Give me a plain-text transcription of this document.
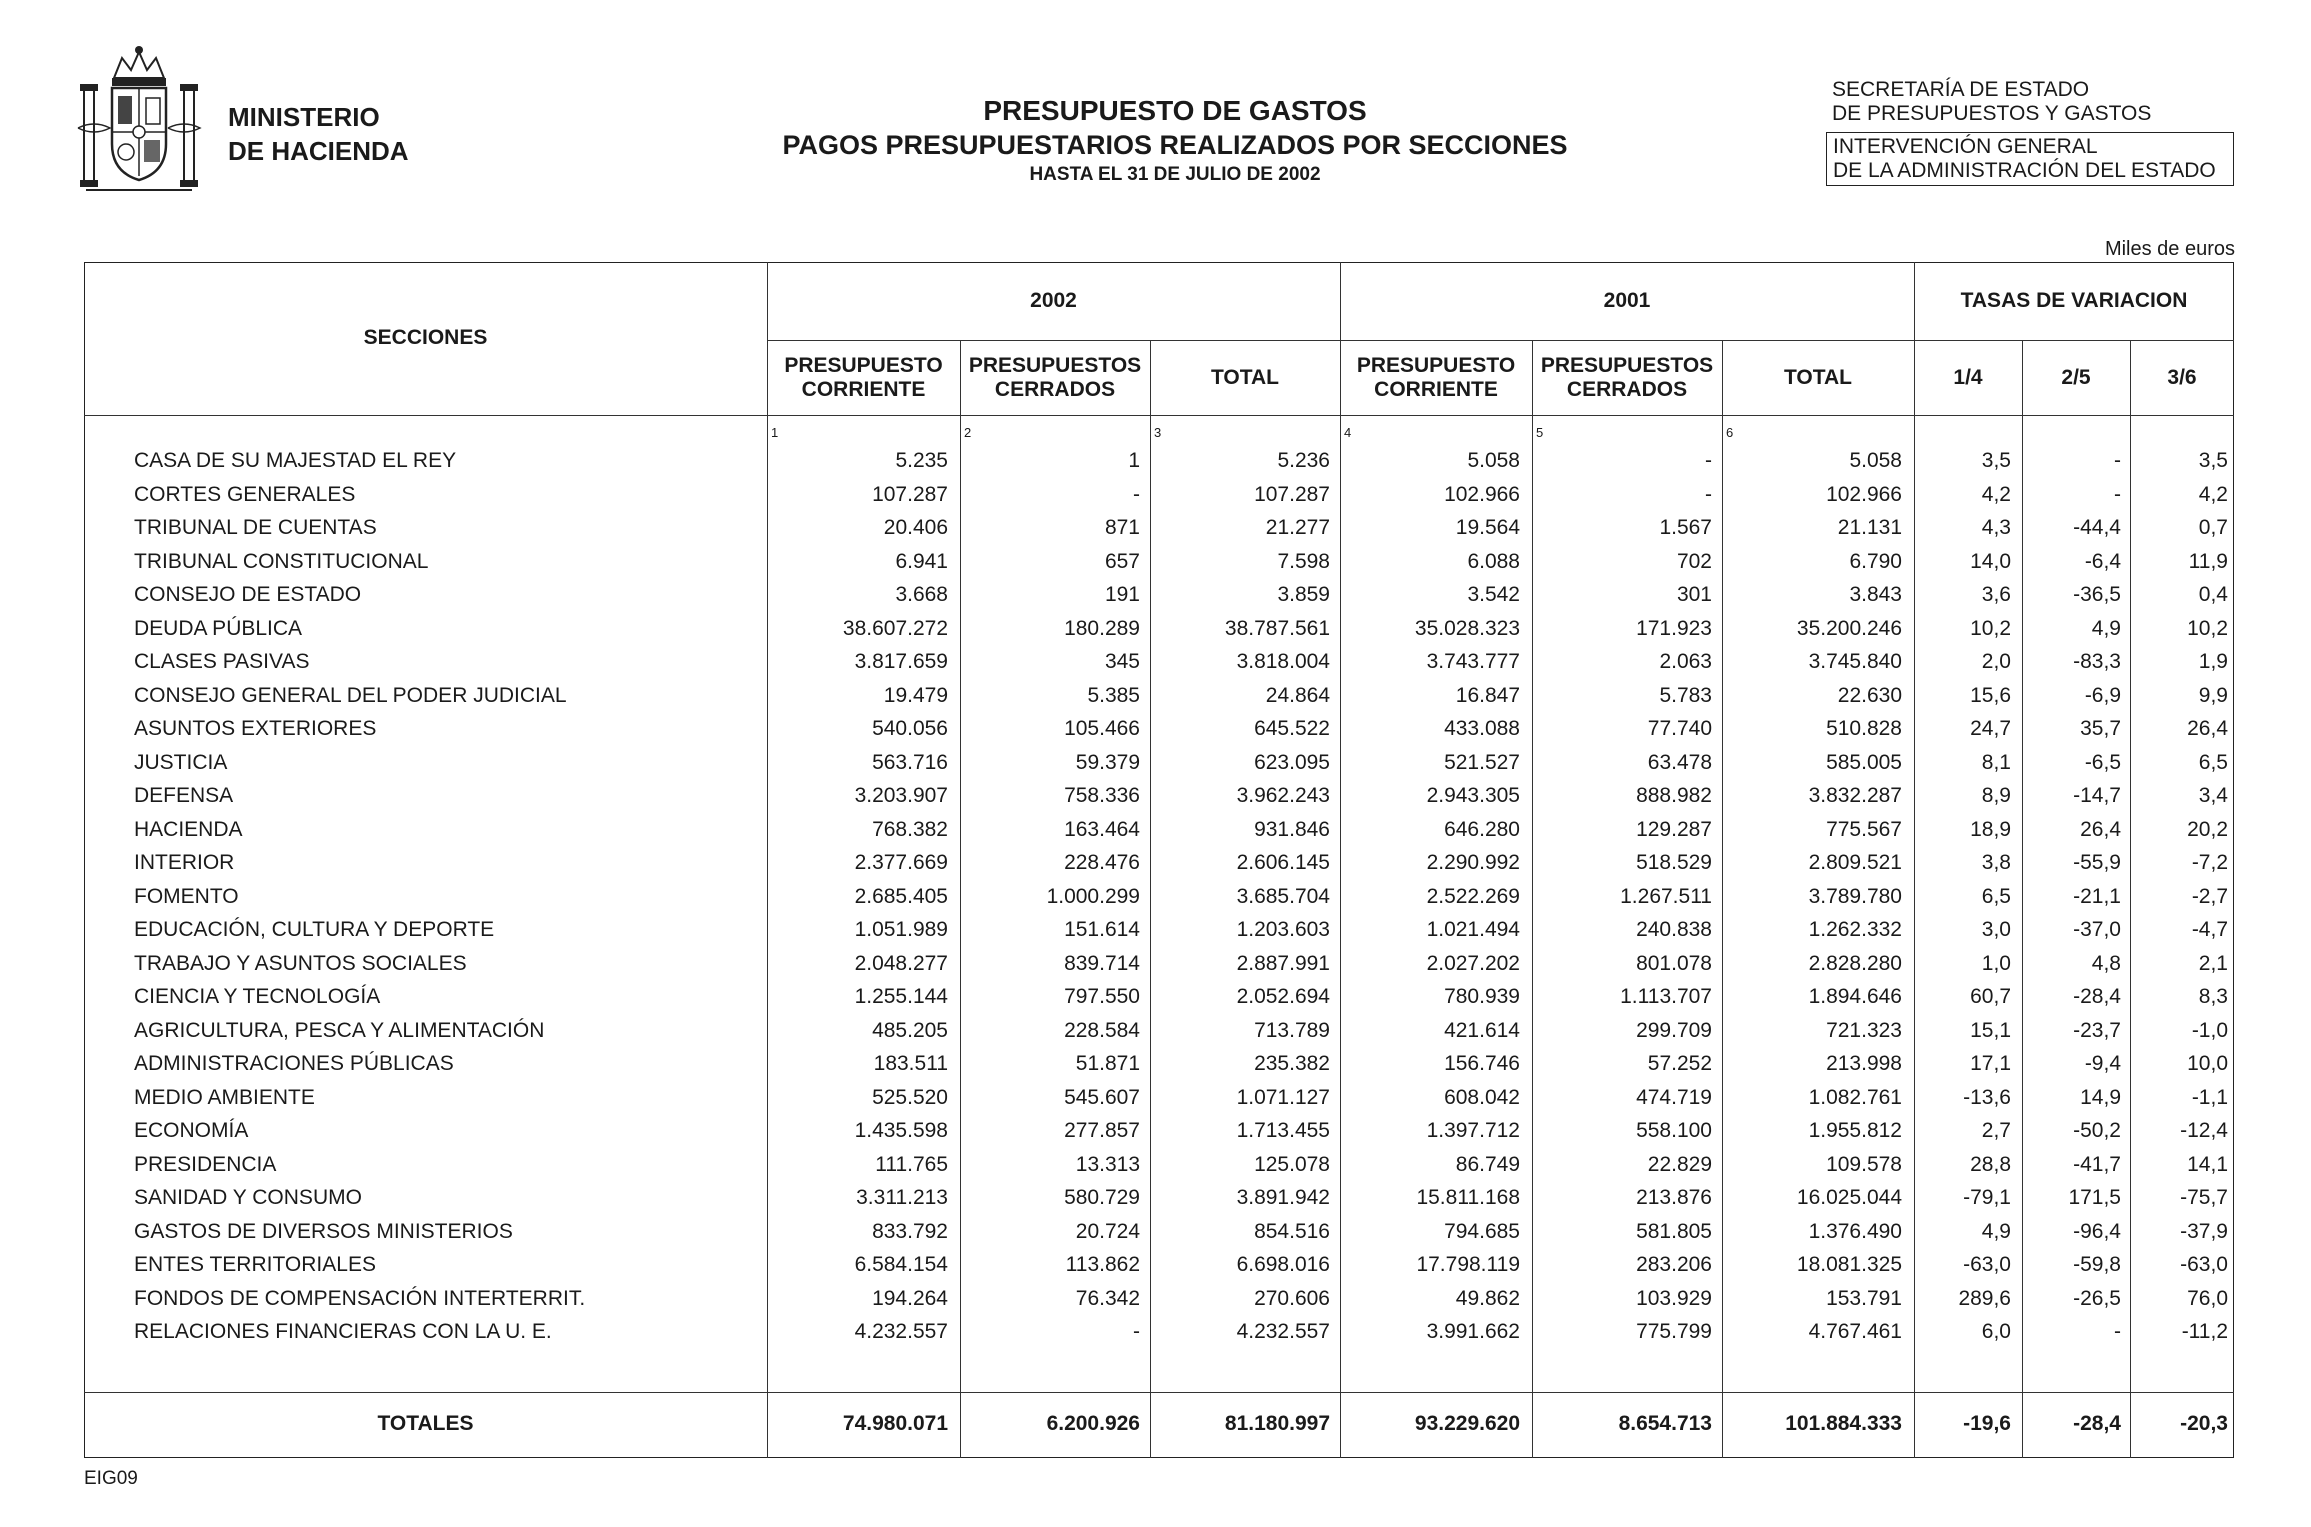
MINISTERIO
DE HACIENDA
PRESUPUESTO DE GASTOS
PAGOS PRESUPUESTARIOS REALIZADOS POR SECCIONES
HASTA EL 31 DE JULIO DE 2002
SECRETARÍA DE ESTADO
DE PRESUPUESTOS Y GASTOS
INTERVENCIÓN GENERAL
DE LA ADMINISTRACIÓN DEL ESTADO
Miles de euros
SECCIONES
2002	2001	TASAS DE VARIACION
PRESUPUESTO
CORRIENTE
PRESUPUESTOS
CERRADOS
TOTAL
PRESUPUESTO
CORRIENTE
PRESUPUESTOS
CERRADOS
TOTAL	1/4	2/5	3/6
1	2	3	4	5	6
CASA DE SU MAJESTAD EL REY	5.235	1	5.236	5.058	-	5.058	3,5	-	3,5
CORTES GENERALES	107.287	-	107.287	102.966	-	102.966	4,2	-	4,2
TRIBUNAL DE CUENTAS	20.406	871	21.277	19.564	1.567	21.131	4,3	-44,4	0,7
TRIBUNAL CONSTITUCIONAL	6.941	657	7.598	6.088	702	6.790	14,0	-6,4	11,9
CONSEJO DE ESTADO	3.668	191	3.859	3.542	301	3.843	3,6	-36,5	0,4
DEUDA PÚBLICA	38.607.272	180.289	38.787.561	35.028.323	171.923	35.200.246	10,2	4,9	10,2
CLASES PASIVAS	3.817.659	345	3.818.004	3.743.777	2.063	3.745.840	2,0	-83,3	1,9
CONSEJO GENERAL DEL PODER JUDICIAL	19.479	5.385	24.864	16.847	5.783	22.630	15,6	-6,9	9,9
ASUNTOS EXTERIORES	540.056	105.466	645.522	433.088	77.740	510.828	24,7	35,7	26,4
JUSTICIA	563.716	59.379	623.095	521.527	63.478	585.005	8,1	-6,5	6,5
DEFENSA	3.203.907	758.336	3.962.243	2.943.305	888.982	3.832.287	8,9	-14,7	3,4
HACIENDA	768.382	163.464	931.846	646.280	129.287	775.567	18,9	26,4	20,2
INTERIOR	2.377.669	228.476	2.606.145	2.290.992	518.529	2.809.521	3,8	-55,9	-7,2
FOMENTO	2.685.405	1.000.299	3.685.704	2.522.269	1.267.511	3.789.780	6,5	-21,1	-2,7
EDUCACIÓN, CULTURA Y DEPORTE	1.051.989	151.614	1.203.603	1.021.494	240.838	1.262.332	3,0	-37,0	-4,7
TRABAJO Y ASUNTOS SOCIALES	2.048.277	839.714	2.887.991	2.027.202	801.078	2.828.280	1,0	4,8	2,1
CIENCIA Y TECNOLOGÍA	1.255.144	797.550	2.052.694	780.939	1.113.707	1.894.646	60,7	-28,4	8,3
AGRICULTURA, PESCA Y ALIMENTACIÓN	485.205	228.584	713.789	421.614	299.709	721.323	15,1	-23,7	-1,0
ADMINISTRACIONES PÚBLICAS	183.511	51.871	235.382	156.746	57.252	213.998	17,1	-9,4	10,0
MEDIO AMBIENTE	525.520	545.607	1.071.127	608.042	474.719	1.082.761	-13,6	14,9	-1,1
ECONOMÍA	1.435.598	277.857	1.713.455	1.397.712	558.100	1.955.812	2,7	-50,2	-12,4
PRESIDENCIA	111.765	13.313	125.078	86.749	22.829	109.578	28,8	-41,7	14,1
SANIDAD Y CONSUMO	3.311.213	580.729	3.891.942	15.811.168	213.876	16.025.044	-79,1	171,5	-75,7
GASTOS DE DIVERSOS MINISTERIOS	833.792	20.724	854.516	794.685	581.805	1.376.490	4,9	-96,4	-37,9
ENTES TERRITORIALES	6.584.154	113.862	6.698.016	17.798.119	283.206	18.081.325	-63,0	-59,8	-63,0
FONDOS DE COMPENSACIÓN INTERTERRIT.	194.264	76.342	270.606	49.862	103.929	153.791	289,6	-26,5	76,0
RELACIONES FINANCIERAS CON LA U. E.	4.232.557	-	4.232.557	3.991.662	775.799	4.767.461	6,0	-	-11,2
TOTALES	74.980.071	6.200.926	81.180.997	93.229.620	8.654.713	101.884.333	-19,6	-28,4	-20,3
EIG09
